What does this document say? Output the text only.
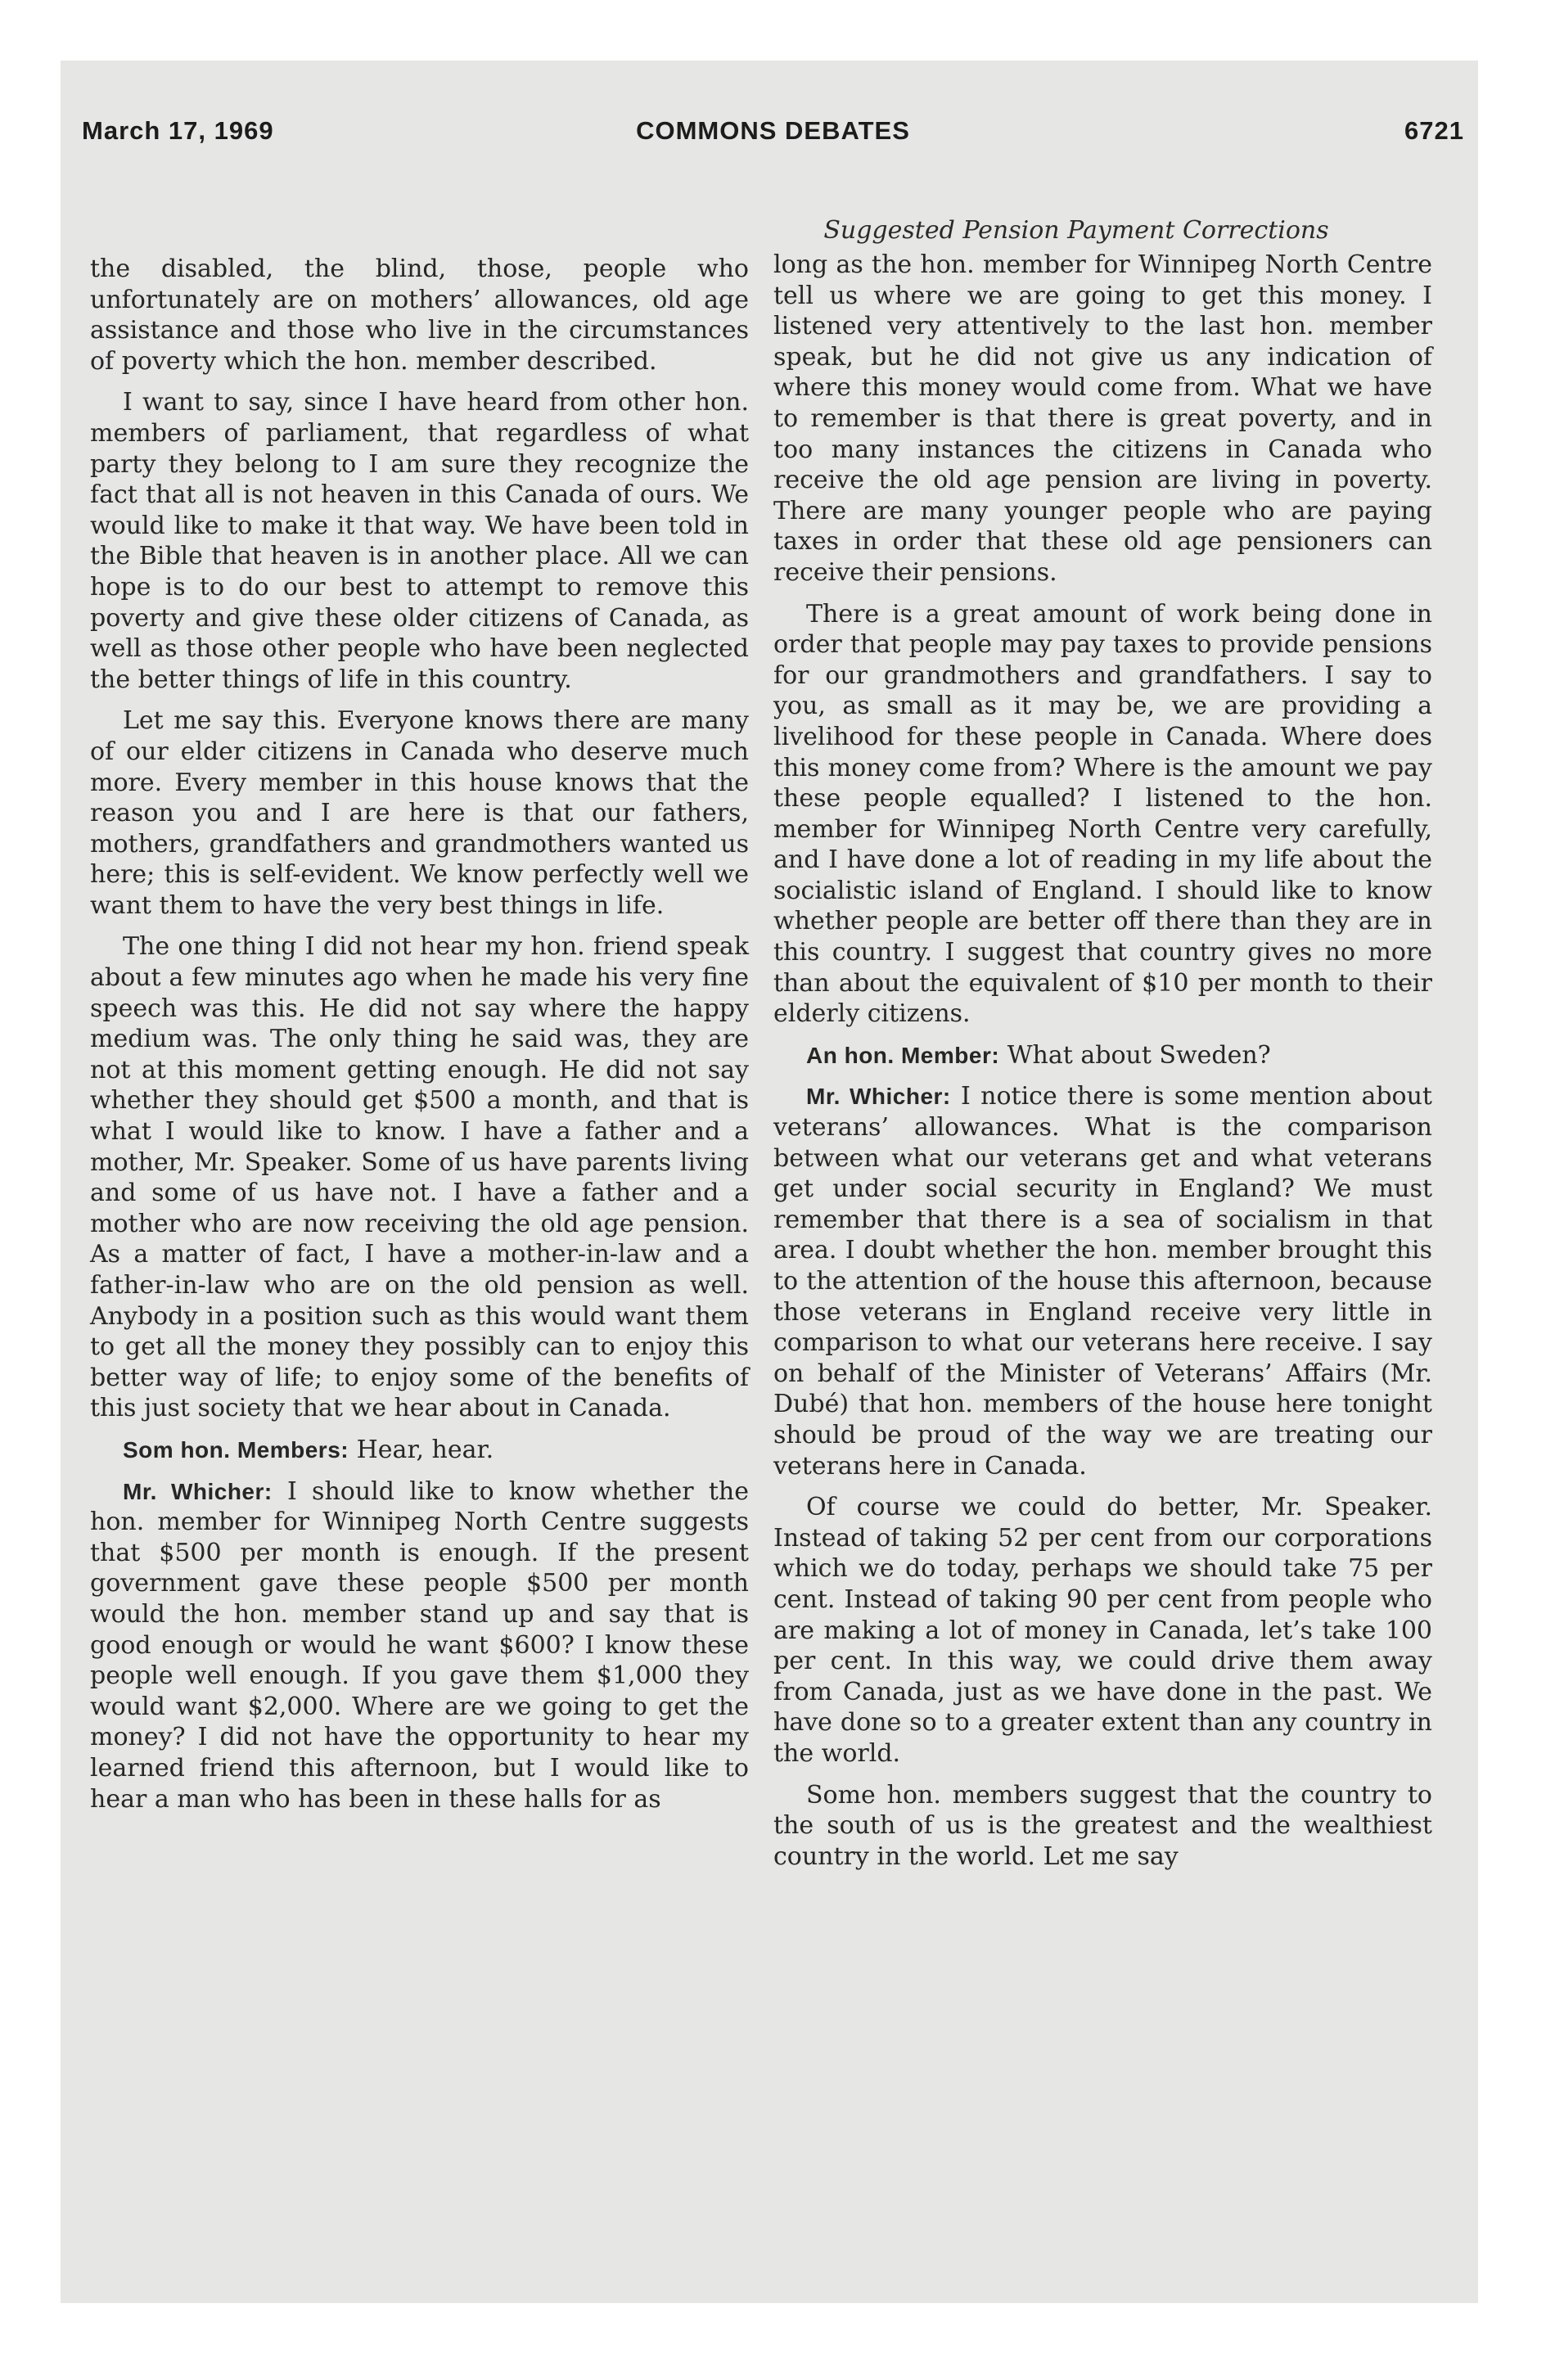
March 17, 1969	COMMONS DEBATES	6721
Suggested Pension Payment Corrections

the disabled, the blind, those, people who unfortunately are on mothers’ allowances, old age assistance and those who live in the circumstances of poverty which the hon. member described.

I want to say, since I have heard from other hon. members of parliament, that regardless of what party they belong to I am sure they recognize the fact that all is not heaven in this Canada of ours. We would like to make it that way. We have been told in the Bible that heaven is in another place. All we can hope is to do our best to attempt to remove this poverty and give these older citizens of Canada, as well as those other people who have been neglected the better things of life in this country.

Let me say this. Everyone knows there are many of our elder citizens in Canada who deserve much more. Every member in this house knows that the reason you and I are here is that our fathers, mothers, grandfathers and grandmothers wanted us here; this is self-evident. We know perfectly well we want them to have the very best things in life.

The one thing I did not hear my hon. friend speak about a few minutes ago when he made his very fine speech was this. He did not say where the happy medium was. The only thing he said was, they are not at this moment getting enough. He did not say whether they should get $500 a month, and that is what I would like to know. I have a father and a mother, Mr. Speaker. Some of us have parents living and some of us have not. I have a father and a mother who are now receiving the old age pension. As a matter of fact, I have a mother-in-law and a father-in-law who are on the old pension as well. Anybody in a position such as this would want them to get all the money they possibly can to enjoy this better way of life; to enjoy some of the benefits of this just society that we hear about in Canada.

Som hon. Members: Hear, hear.

Mr. Whicher: I should like to know whether the hon. member for Winnipeg North Centre suggests that $500 per month is enough. If the present government gave these people $500 per month would the hon. member stand up and say that is good enough or would he want $600? I know these people well enough. If you gave them $1,000 they would want $2,000. Where are we going to get the money? I did not have the opportunity to hear my learned friend this afternoon, but I would like to hear a man who has been in these halls for as

long as the hon. member for Winnipeg North Centre tell us where we are going to get this money. I listened very attentively to the last hon. member speak, but he did not give us any indication of where this money would come from. What we have to remember is that there is great poverty, and in too many instances the citizens in Canada who receive the old age pension are living in poverty. There are many younger people who are paying taxes in order that these old age pensioners can receive their pensions.

There is a great amount of work being done in order that people may pay taxes to provide pensions for our grandmothers and grandfathers. I say to you, as small as it may be, we are providing a livelihood for these people in Canada. Where does this money come from? Where is the amount we pay these people equalled? I listened to the hon. member for Winnipeg North Centre very carefully, and I have done a lot of reading in my life about the socialistic island of England. I should like to know whether people are better off there than they are in this country. I suggest that country gives no more than about the equivalent of $10 per month to their elderly citizens.

An hon. Member: What about Sweden?

Mr. Whicher: I notice there is some mention about veterans’ allowances. What is the comparison between what our veterans get and what veterans get under social security in England? We must remember that there is a sea of socialism in that area. I doubt whether the hon. member brought this to the attention of the house this afternoon, because those veterans in England receive very little in comparison to what our veterans here receive. I say on behalf of the Minister of Veterans’ Affairs (Mr. Dubé) that hon. members of the house here tonight should be proud of the way we are treating our veterans here in Canada.

Of course we could do better, Mr. Speaker. Instead of taking 52 per cent from our corporations which we do today, perhaps we should take 75 per cent. Instead of taking 90 per cent from people who are making a lot of money in Canada, let’s take 100 per cent. In this way, we could drive them away from Canada, just as we have done in the past. We have done so to a greater extent than any country in the world.

Some hon. members suggest that the country to the south of us is the greatest and the wealthiest country in the world. Let me say
